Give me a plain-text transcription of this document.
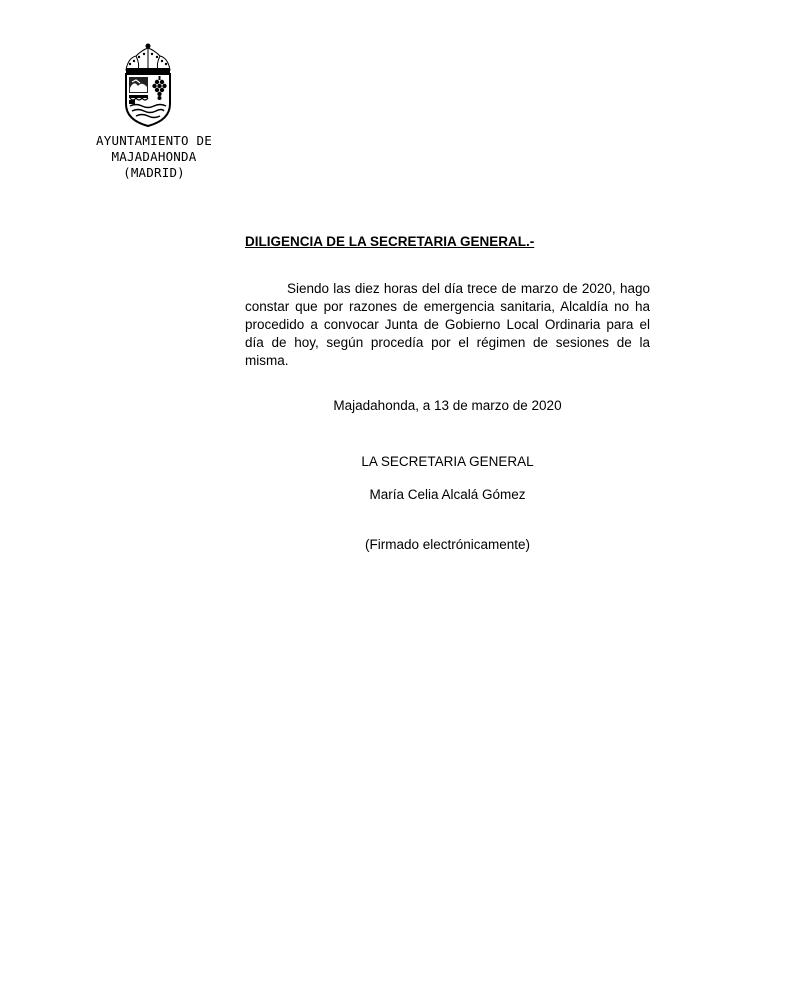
AYUNTAMIENTO DE
MAJADAHONDA
(MADRID)
DILIGENCIA DE LA SECRETARIA GENERAL.-

Siendo las diez horas del día trece de marzo de 2020, hago constar que por razones de emergencia sanitaria, Alcaldía no ha procedido a convocar Junta de Gobierno Local Ordinaria para el día de hoy, según procedía por el régimen de sesiones de la misma.

Majadahonda, a 13 de marzo de 2020
LA SECRETARIA GENERAL
María Celia Alcalá Gómez
(Firmado electrónicamente)
